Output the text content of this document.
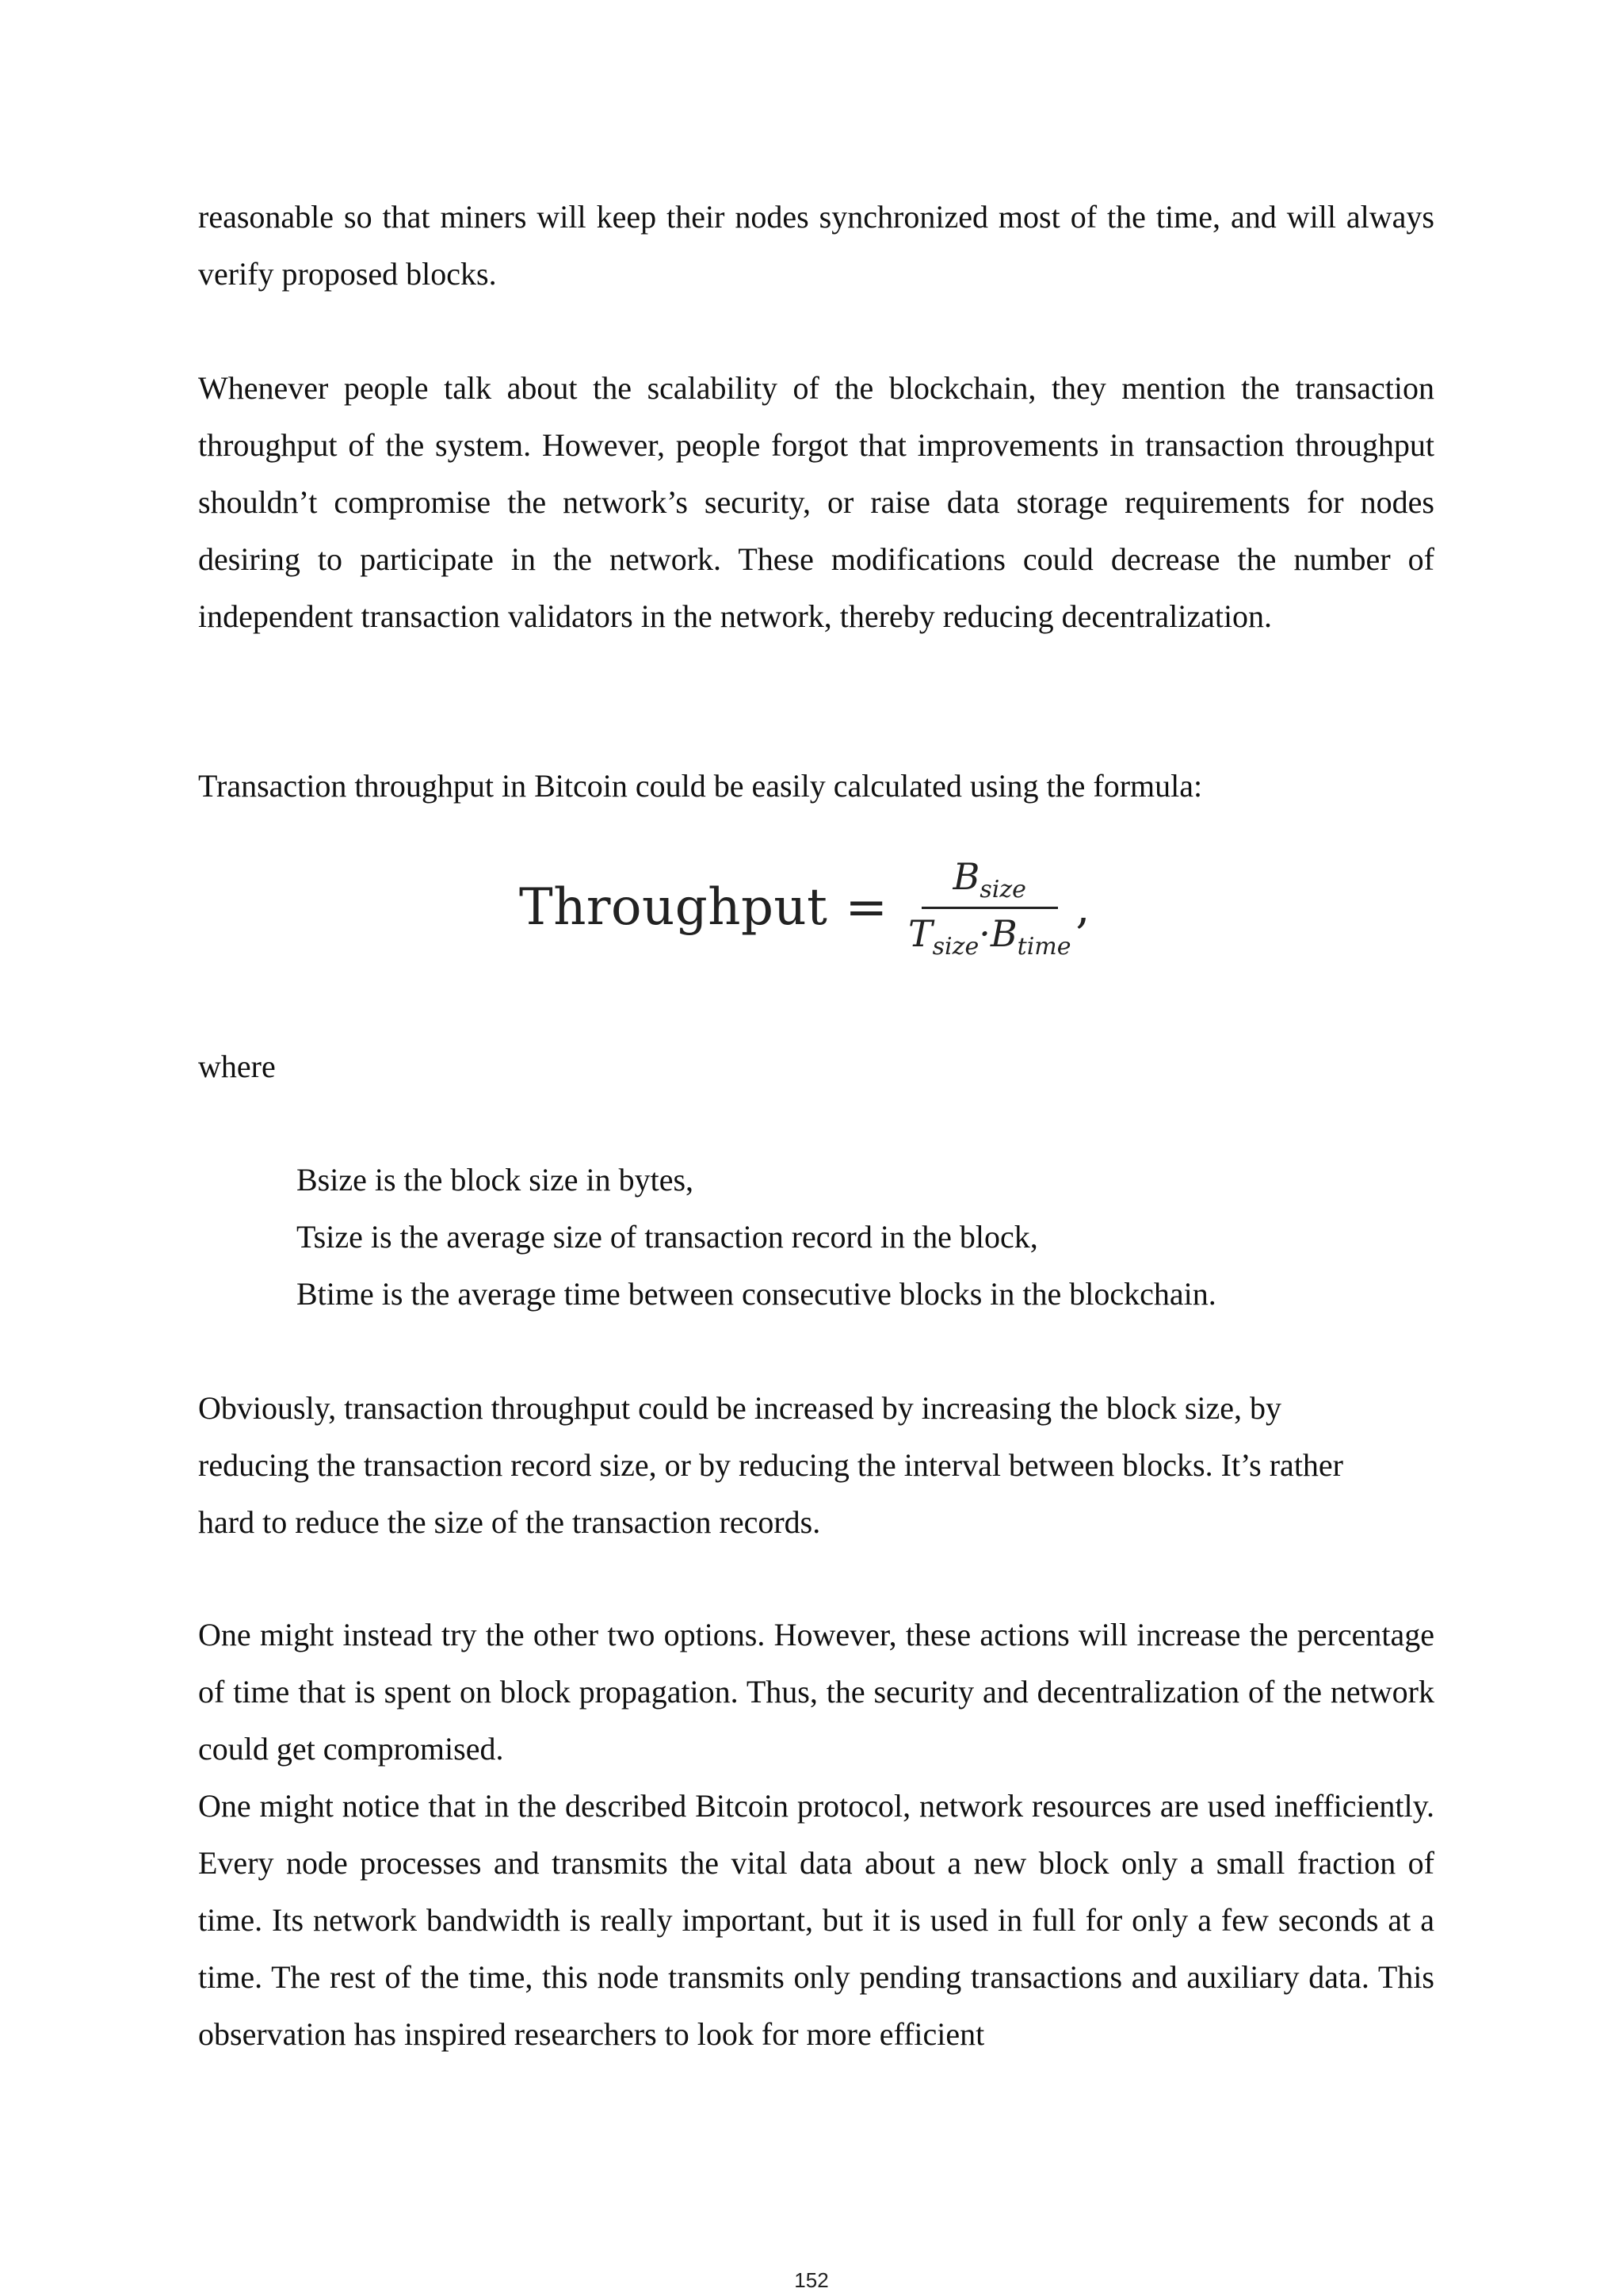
reasonable so that miners will keep their nodes synchronized most of the time, and will always verify proposed blocks.

Whenever people talk about the scalability of the blockchain, they mention the transaction throughput of the system. However, people forgot that improvements in transaction throughput shouldn’t compromise the network’s security, or raise data storage requirements for nodes desiring to participate in the network. These modifications could decrease the number of independent transaction validators in the network, thereby reducing decentralization.

Transaction throughput in Bitcoin could be easily calculated using the formula:

Throughput = $\frac{B_{size}}{T_{size}\cdot B_{time}}$ ,

where

Bsize is the block size in bytes,
Tsize is the average size of transaction record in the block,
Btime is the average time between consecutive blocks in the blockchain.

Obviously, transaction throughput could be increased by increasing the block size, by reducing the transaction record size, or by reducing the interval between blocks. It’s rather hard to reduce the size of the transaction records.

One might instead try the other two options. However, these actions will increase the percentage of time that is spent on block propagation. Thus, the security and decentralization of the network could get compromised.

One might notice that in the described Bitcoin protocol, network resources are used inefficiently. Every node processes and transmits the vital data about a new block only a small fraction of time. Its network bandwidth is really important, but it is used in full for only a few seconds at a time. The rest of the time, this node transmits only pending transactions and auxiliary data. This observation has inspired researchers to look for more efficient

152
